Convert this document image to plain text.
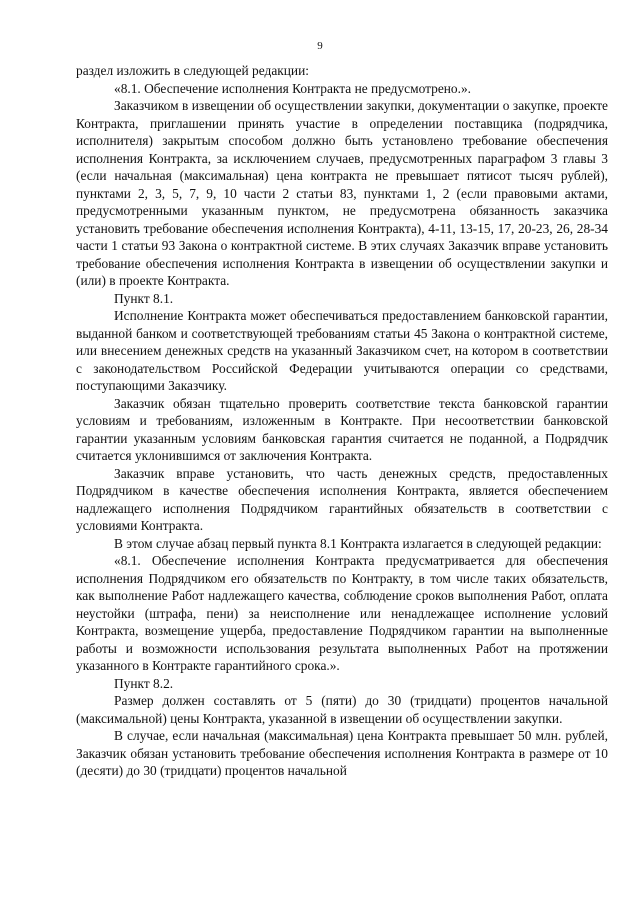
9

раздел изложить в следующей редакции:

«8.1. Обеспечение исполнения Контракта не предусмотрено.».

Заказчиком в извещении об осуществлении закупки, документации о закупке, проекте Контракта, приглашении принять участие в определении поставщика (подрядчика, исполнителя) закрытым способом должно быть установлено требование обеспечения исполнения Контракта, за исключением случаев, предусмотренных параграфом 3 главы 3 (если начальная (максимальная) цена контракта не превышает пятисот тысяч рублей), пунктами 2, 3, 5, 7, 9, 10 части 2 статьи 83, пунктами 1, 2 (если правовыми актами, предусмотренными указанным пунктом, не предусмотрена обязанность заказчика установить требование обеспечения исполнения Контракта), 4-11, 13-15, 17, 20-23, 26, 28-34 части 1 статьи 93 Закона о контрактной системе. В этих случаях Заказчик вправе установить требование обеспечения исполнения Контракта в извещении об осуществлении закупки и (или) в проекте Контракта.

Пункт 8.1.

Исполнение Контракта может обеспечиваться предоставлением банковской гарантии, выданной банком и соответствующей требованиям статьи 45 Закона о контрактной системе, или внесением денежных средств на указанный Заказчиком счет, на котором в соответствии с законодательством Российской Федерации учитываются операции со средствами, поступающими Заказчику.

Заказчик обязан тщательно проверить соответствие текста банковской гарантии условиям и требованиям, изложенным в Контракте. При несоответствии банковской гарантии указанным условиям банковская гарантия считается не поданной, а Подрядчик считается уклонившимся от заключения Контракта.

Заказчик вправе установить, что часть денежных средств, предоставленных Подрядчиком в качестве обеспечения исполнения Контракта, является обеспечением надлежащего исполнения Подрядчиком гарантийных обязательств в соответствии с условиями Контракта.

В этом случае абзац первый пункта 8.1 Контракта излагается в следующей редакции:

«8.1. Обеспечение исполнения Контракта предусматривается для обеспечения исполнения Подрядчиком его обязательств по Контракту, в том числе таких обязательств, как выполнение Работ надлежащего качества, соблюдение сроков выполнения Работ, оплата неустойки (штрафа, пени) за неисполнение или ненадлежащее исполнение условий Контракта, возмещение ущерба, предоставление Подрядчиком гарантии на выполненные работы и возможности использования результата выполненных Работ на протяжении указанного в Контракте гарантийного срока.».

Пункт 8.2.

Размер должен составлять от 5 (пяти) до 30 (тридцати) процентов начальной (максимальной) цены Контракта, указанной в извещении об осуществлении закупки.

В случае, если начальная (максимальная) цена Контракта превышает 50 млн. рублей, Заказчик обязан установить требование обеспечения исполнения Контракта в размере от 10 (десяти) до 30 (тридцати) процентов начальной
